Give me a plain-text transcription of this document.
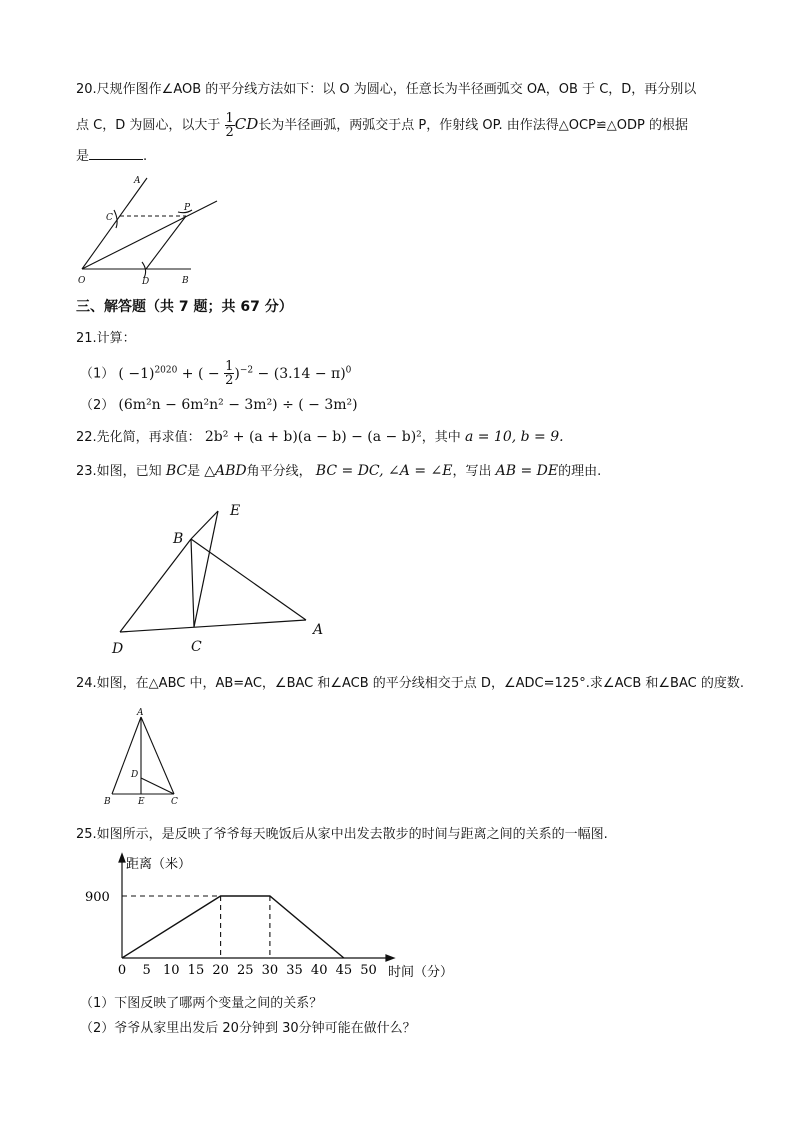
20.尺规作图作∠AOB 的平分线方法如下：以 O 为圆心，任意长为半径画弧交 OA，OB 于 C，D，再分别以
点 C，D 为圆心，以大于 $\frac{1}{2}$ CD长为半径画弧，两弧交于点 P，作射线 OP. 由作法得△OCP≌△ODP 的根据
是	.
A
C
P
O	D	B
三、解答题（共 7 题；共 67 分）
21.计算：
（1） ( −1)$^{2020}$ + ( − $\frac{1}{2} )^{-2} - (3.14 - \pi)^0$
（2） (6m²n − 6m²n² − 3m²) ÷ ( − 3m²)
22.先化简，再求值： 2b² + (a + b)(a − b) − (a − b)²，其中 a = 10, b = 9.
23.如图，已知 BC是 △ABD角平分线， BC = DC, ∠A = ∠E，写出 AB = DE的理由.
B
E
D	C
A
24.如图，在△ABC 中，AB=AC，∠BAC 和∠ACB 的平分线相交于点 D，∠ADC=125°.求∠ACB 和∠BAC 的度数.
A
D
B	E	C
25.如图所示，是反映了爷爷每天晚饭后从家中出发去散步的时间与距离之间的关系的一幅图.
0 5 10 15 20 25 30 35 40 45 50
距离（米）
时间（分）
900
（1）下图反映了哪两个变量之间的关系？
（2）爷爷从家里出发后 20分钟到 30分钟可能在做什么？
